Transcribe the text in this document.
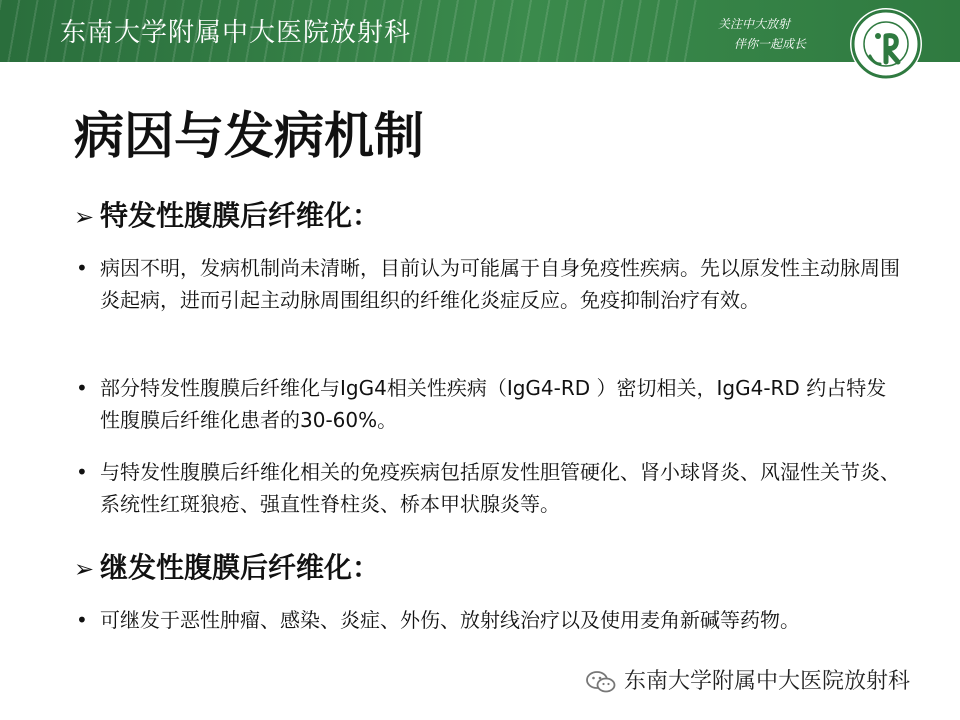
东南大学附属中大医院放射科	关注中大放射
伴你一起成长
病因与发病机制
➢ 特发性腹膜后纤维化：
• 病因不明，发病机制尚未清晰，目前认为可能属于自身免疫性疾病。先以原发性主动脉周围炎起病，进而引起主动脉周围组织的纤维化炎症反应。免疫抑制治疗有效。
• 部分特发性腹膜后纤维化与IgG4相关性疾病（IgG4-RD ）密切相关，IgG4-RD 约占特发性腹膜后纤维化患者的30-60%。
• 与特发性腹膜后纤维化相关的免疫疾病包括原发性胆管硬化、肾小球肾炎、风湿性关节炎、系统性红斑狼疮、强直性脊柱炎、桥本甲状腺炎等。
➢ 继发性腹膜后纤维化：
• 可继发于恶性肿瘤、感染、炎症、外伤、放射线治疗以及使用麦角新碱等药物。
东南大学附属中大医院放射科
